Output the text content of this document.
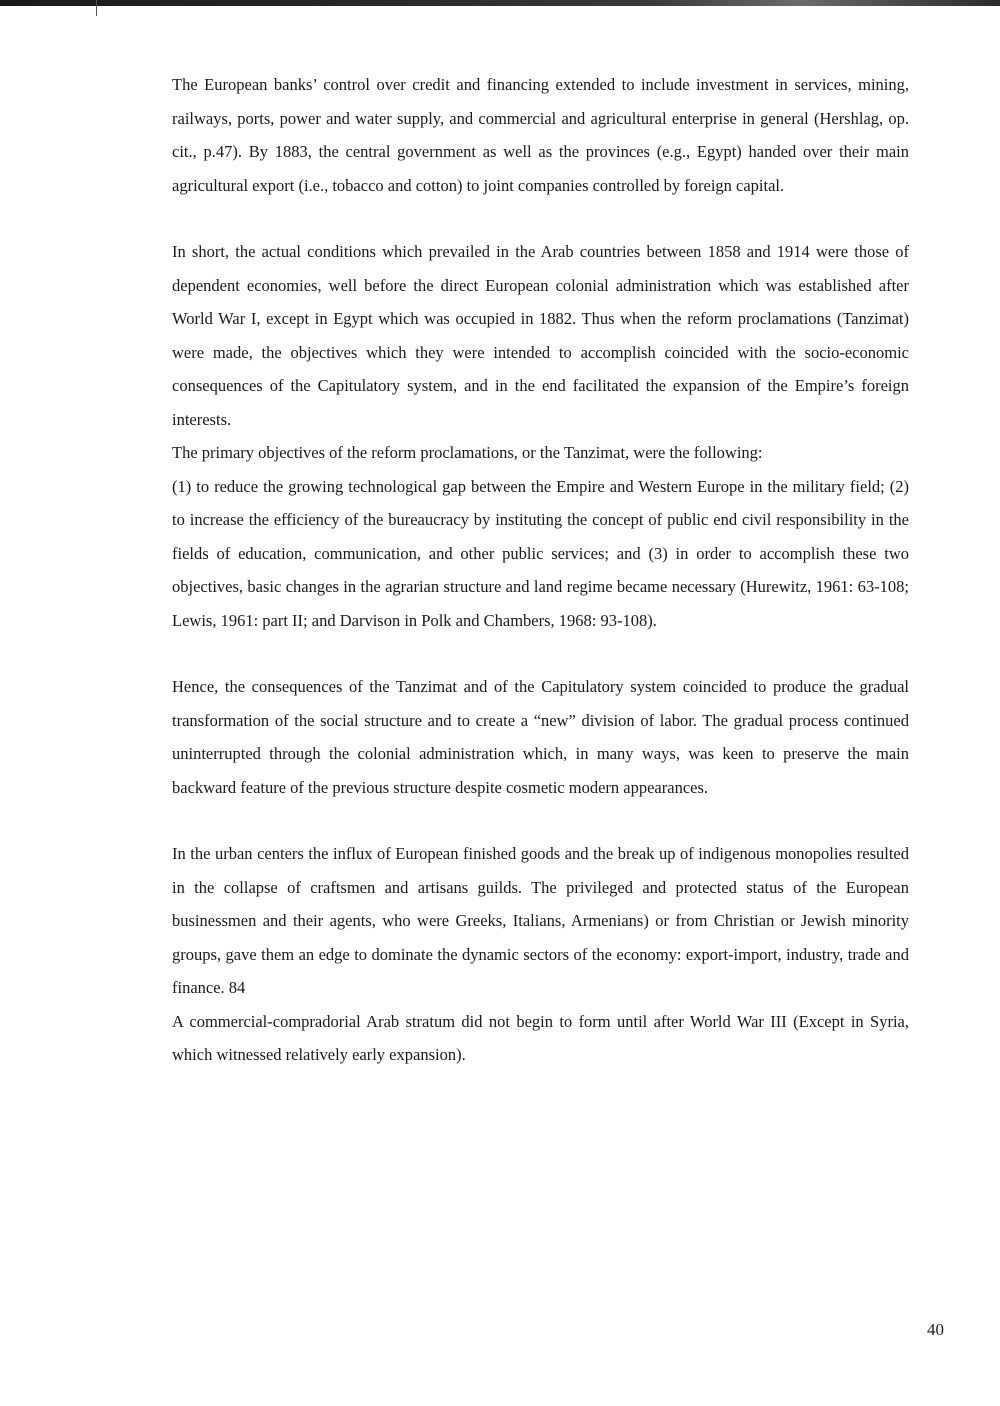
The European banks’ control over credit and financing extended to include investment in services, mining, railways, ports, power and water supply, and commercial and agricultural enterprise in general (Hershlag, op. cit., p.47). By 1883, the central government as well as the provinces (e.g., Egypt) handed over their main agricultural export (i.e., tobacco and cotton) to joint companies controlled by foreign capital.

In short, the actual conditions which prevailed in the Arab countries between 1858 and 1914 were those of dependent economies, well before the direct European colonial administration which was established after World War I, except in Egypt which was occupied in 1882. Thus when the reform proclamations (Tanzimat) were made, the objectives which they were intended to accomplish coincided with the socio-economic consequences of the Capitulatory system, and in the end facilitated the expansion of the Empire’s foreign interests.

The primary objectives of the reform proclamations, or the Tanzimat, were the following:

(1) to reduce the growing technological gap between the Empire and Western Europe in the military field; (2) to increase the efficiency of the bureaucracy by instituting the concept of public end civil responsibility in the fields of education, communication, and other public services; and (3) in order to accomplish these two objectives, basic changes in the agrarian structure and land regime became necessary (Hurewitz, 1961: 63-108; Lewis, 1961: part II; and Darvison in Polk and Chambers, 1968: 93-108).

Hence, the consequences of the Tanzimat and of the Capitulatory system coincided to produce the gradual transformation of the social structure and to create a “new” division of labor. The gradual process continued uninterrupted through the colonial administration which, in many ways, was keen to preserve the main backward feature of the previous structure despite cosmetic modern appearances.

In the urban centers the influx of European finished goods and the break up of indigenous monopolies resulted in the collapse of craftsmen and artisans guilds. The privileged and protected status of the European businessmen and their agents, who were Greeks, Italians, Armenians) or from Christian or Jewish minority groups, gave them an edge to dominate the dynamic sectors of the economy: export-import, industry, trade and finance. 84

A commercial-compradorial Arab stratum did not begin to form until after World War III (Except in Syria, which witnessed relatively early expansion).

40
